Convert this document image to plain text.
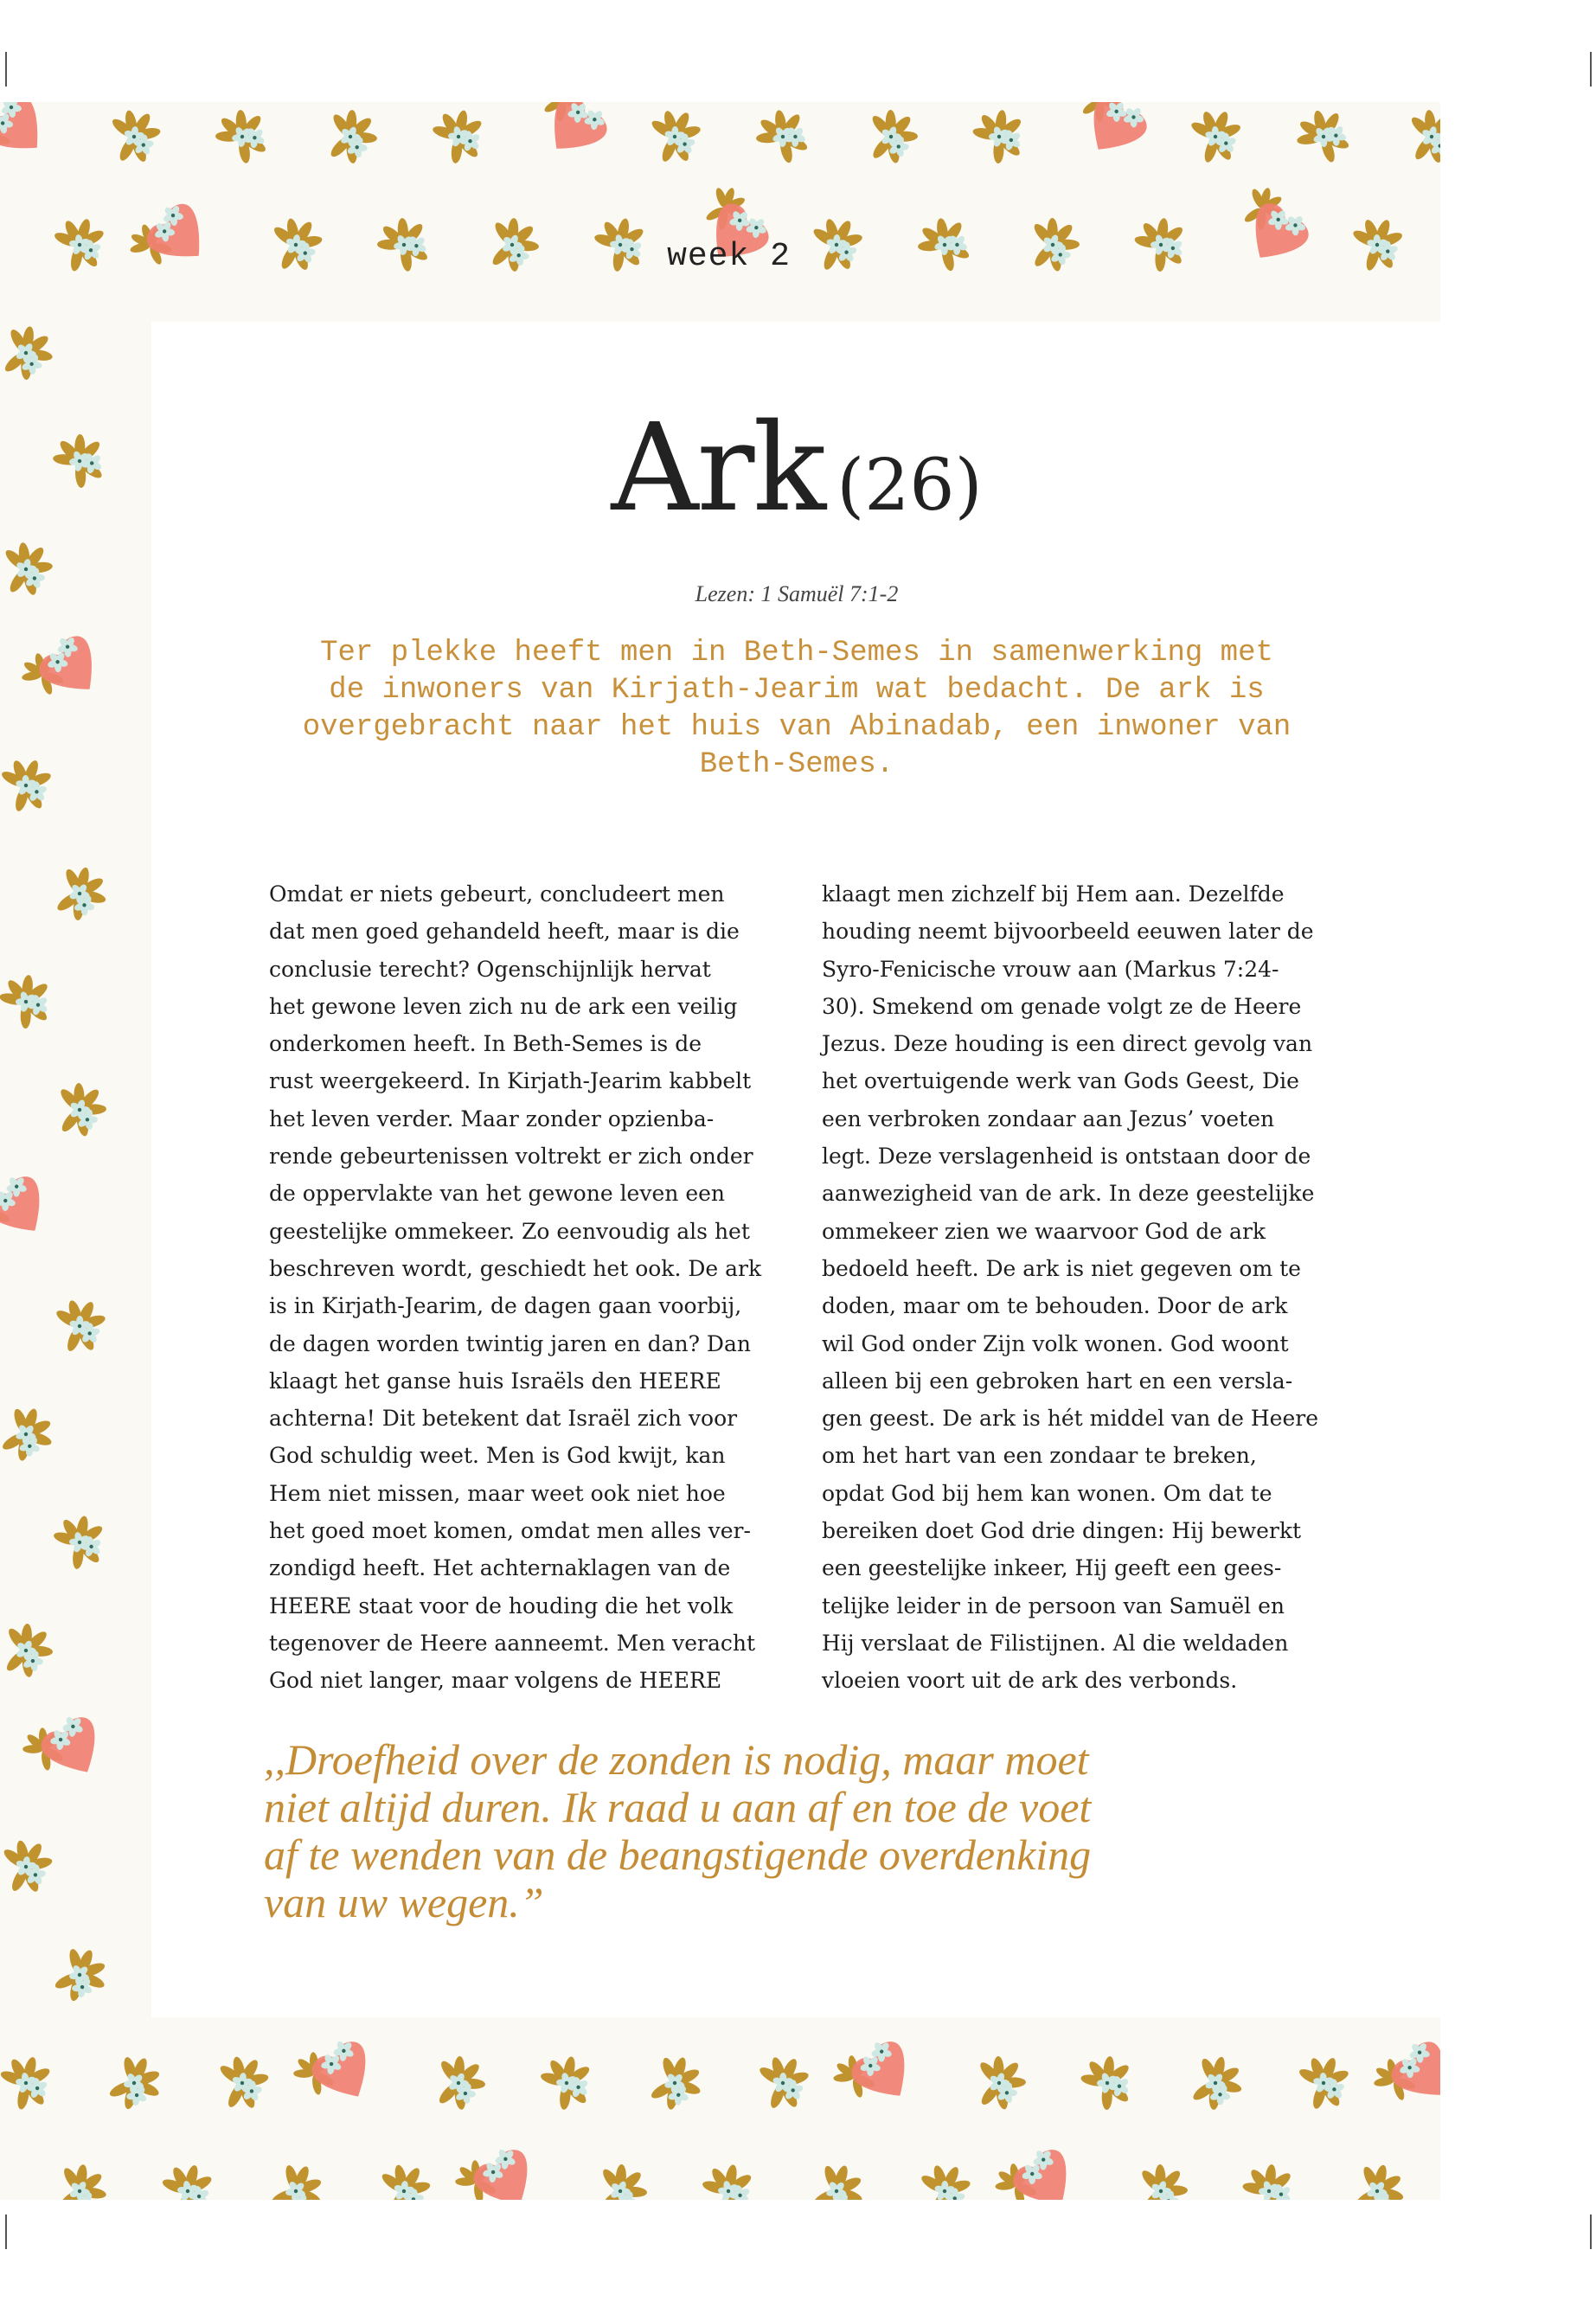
week 2
Ark (26)
Lezen: 1 Samuël 7:1-2
Ter plekke heeft men in Beth-Semes in samenwerking met
de inwoners van Kirjath-Jearim wat bedacht. De ark is
overgebracht naar het huis van Abinadab, een inwoner van
Beth-Semes.
Omdat er niets gebeurt, concludeert men
dat men goed gehandeld heeft, maar is die
conclusie terecht? Ogenschijnlijk hervat
het gewone leven zich nu de ark een veilig
onderkomen heeft. In Beth-Semes is de
rust weergekeerd. In Kirjath-Jearim kabbelt
het leven verder. Maar zonder opzienba-
rende gebeurtenissen voltrekt er zich onder
de oppervlakte van het gewone leven een
geestelijke ommekeer. Zo eenvoudig als het
beschreven wordt, geschiedt het ook. De ark
is in Kirjath-Jearim, de dagen gaan voorbij,
de dagen worden twintig jaren en dan? Dan
klaagt het ganse huis Israëls den HEERE
achterna! Dit betekent dat Israël zich voor
God schuldig weet. Men is God kwijt, kan
Hem niet missen, maar weet ook niet hoe
het goed moet komen, omdat men alles ver-
zondigd heeft. Het achternaklagen van de
HEERE staat voor de houding die het volk
tegenover de Heere aanneemt. Men veracht
God niet langer, maar volgens de HEERE
klaagt men zichzelf bij Hem aan. Dezelfde
houding neemt bijvoorbeeld eeuwen later de
Syro-Fenicische vrouw aan (Markus 7:24-
30). Smekend om genade volgt ze de Heere
Jezus. Deze houding is een direct gevolg van
het overtuigende werk van Gods Geest, Die
een verbroken zondaar aan Jezus’ voeten
legt. Deze verslagenheid is ontstaan door de
aanwezigheid van de ark. In deze geestelijke
ommekeer zien we waarvoor God de ark
bedoeld heeft. De ark is niet gegeven om te
doden, maar om te behouden. Door de ark
wil God onder Zijn volk wonen. God woont
alleen bij een gebroken hart en een versla-
gen geest. De ark is hét middel van de Heere
om het hart van een zondaar te breken,
opdat God bij hem kan wonen. Om dat te
bereiken doet God drie dingen: Hij bewerkt
een geestelijke inkeer, Hij geeft een gees-
telijke leider in de persoon van Samuël en
Hij verslaat de Filistijnen. Al die weldaden
vloeien voort uit de ark des verbonds.
,,Droefheid over de zonden is nodig, maar moet
niet altijd duren. Ik raad u aan af en toe de voet
af te wenden van de beangstigende overdenking
van uw wegen.”
